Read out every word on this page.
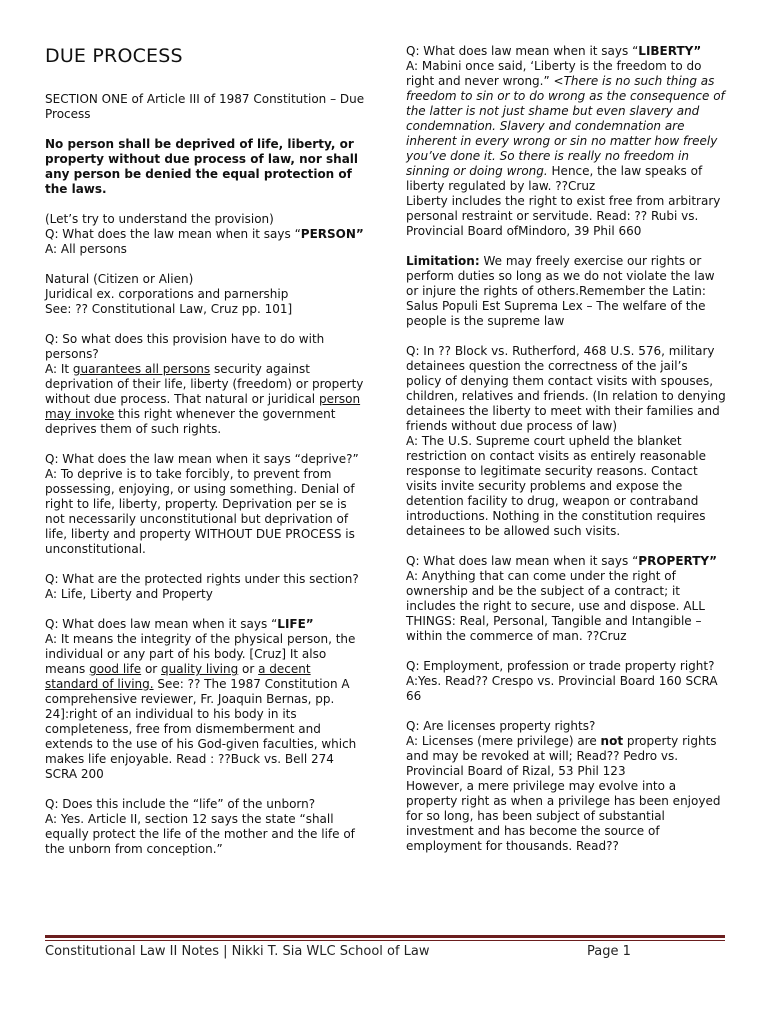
DUE PROCESS

SECTION ONE of Article III of 1987 Constitution – Due Process

No person shall be deprived of life, liberty, or property without due process of law, nor shall any person be denied the equal protection of the laws.

(Let’s try to understand the provision)
Q: What does the law mean when it says “PERSON”
A: All persons

Natural (Citizen or Alien)
Juridical ex. corporations and parnership
See: ?? Constitutional Law, Cruz pp. 101]

Q: So what does this provision have to do with persons?
A: It guarantees all persons security against deprivation of their life, liberty (freedom) or property without due process. That natural or juridical person may invoke this right whenever the government deprives them of such rights.

Q: What does the law mean when it says “deprive?”
A: To deprive is to take forcibly, to prevent from possessing, enjoying, or using something. Denial of right to life, liberty, property. Deprivation per se is not necessarily unconstitutional but deprivation of life, liberty and property WITHOUT DUE PROCESS is unconstitutional.

Q: What are the protected rights under this section?
A: Life, Liberty and Property

Q: What does law mean when it says “LIFE”
A: It means the integrity of the physical person, the individual or any part of his body. [Cruz] It also means good life or quality living or a decent standard of living. See: ?? The 1987 Constitution A comprehensive reviewer, Fr. Joaquin Bernas, pp. 24]:right of an individual to his body in its completeness, free from dismemberment and extends to the use of his God-given faculties, which makes life enjoyable. Read : ??Buck vs. Bell 274 SCRA 200

Q: Does this include the “life” of the unborn?
A: Yes. Article II, section 12 says the state “shall equally protect the life of the mother and the life of the unborn from conception.”

Q: What does law mean when it says “LIBERTY”
A: Mabini once said, ‘Liberty is the freedom to do right and never wrong.” <There is no such thing as freedom to sin or to do wrong as the consequence of the latter is not just shame but even slavery and condemnation. Slavery and condemnation are inherent in every wrong or sin no matter how freely you’ve done it. So there is really no freedom in sinning or doing wrong. Hence, the law speaks of liberty regulated by law. ??Cruz
Liberty includes the right to exist free from arbitrary personal restraint or servitude. Read: ?? Rubi vs. Provincial Board ofMindoro, 39 Phil 660

Limitation: We may freely exercise our rights or perform duties so long as we do not violate the law or injure the rights of others.Remember the Latin: Salus Populi Est Suprema Lex – The welfare of the people is the supreme law

Q: In ?? Block vs. Rutherford, 468 U.S. 576, military detainees question the correctness of the jail’s policy of denying them contact visits with spouses, children, relatives and friends. (In relation to denying detainees the liberty to meet with their families and friends without due process of law)
A: The U.S. Supreme court upheld the blanket restriction on contact visits as entirely reasonable response to legitimate security reasons. Contact visits invite security problems and expose the detention facility to drug, weapon or contraband introductions. Nothing in the constitution requires detainees to be allowed such visits.

Q: What does law mean when it says “PROPERTY”
A: Anything that can come under the right of ownership and be the subject of a contract; it includes the right to secure, use and dispose. ALL THINGS: Real, Personal, Tangible and Intangible – within the commerce of man. ??Cruz

Q: Employment, profession or trade property right?
A:Yes. Read?? Crespo vs. Provincial Board 160 SCRA 66

Q: Are licenses property rights?
A: Licenses (mere privilege) are not property rights and may be revoked at will; Read?? Pedro vs. Provincial Board of Rizal, 53 Phil 123
However, a mere privilege may evolve into a property right as when a privilege has been enjoyed for so long, has been subject of substantial investment and has become the source of employment for thousands. Read??

Constitutional Law II Notes | Nikki T. Sia WLC School of Law	Page 1
